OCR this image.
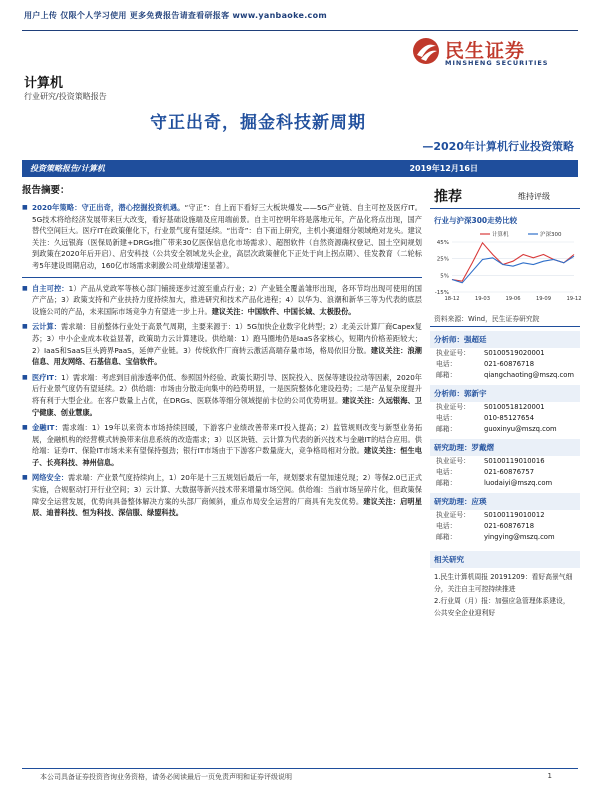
用户上传 仅限个人学习使用 更多免费报告请查看研报客 www.yanbaoke.com
民生证券
MINSHENG SECURITIES
计算机
行业研究/投资策略报告
守正出奇，掘金科技新周期
—2020年计算机行业投资策略
投资策略报告/计算机	2019年12月16日
报告摘要：
■ 2020年策略：守正出奇，潜心挖掘投资机遇。“守正”：自上而下看好三大板块爆发——5G产业链、自主可控及医疗IT。5G技术将给经济发展带来巨大改变，看好基础设施端及应用端前景。自主可控明年将是落地元年，产品化将点出现，国产替代空间巨大。医疗IT在政策催化下，行业景气度有望延续。“出奇”：自下而上研究，主机小赛道细分领域绝对龙头。建议关注：久远银海（医保局新建+DRGs推广带来30亿医保信息化市场需求）、超图软件（自然资源确权登记、国土空间规划到政策在2020年后开启）、启安科技（公共安全领域龙头企业，高层次政策催化下正处于向上拐点期）、佳发教育（二轮标考5年建设周期启动，160亿市场需求刺激公司业绩增速显著）。
■ 自主可控：1）产品从党政军等核心部门铺接逐步过渡至重点行业；2）产业链全覆盖雏形出现，各环节均出现可使用的国产产品；3）政策支持和产业扶持力度持续加大，推进研究和技术产品化进程；4）以华为、浪潮和新华三等为代表的底层设施公司的产品，未来国际市场竞争力有望进一步上升。建议关注：中国软件、中国长城、太极股份。
■ 云计算：需求端：目前整体行业处于高景气周期，主要来源于：1）5G加快企业数字化转型；2）北美云计算厂商Capex复苏；3）中小企业成本收益显著，政策助力云计算建设。供给端：1）跑马圈地仍是IaaS各家核心，短期内价格差距较大；2）IaaS和SaaS巨头跨界PaaS，延伸产业链。3）传统软件厂商转云激活高端存量市场，格局依旧分散。建议关注：浪潮信息、用友网络、石基信息、宝信软件。
■ 医疗IT：1）需求端：考虑到目前渗透率仍低、参照国外经验、政策长期引导、医院投入、医保等建设拉动等因素，2020年后行业景气度仍有望延续。2）供给端：市场由分散走向集中的趋势明显，一是医院整体化建设趋势；二是产品复杂度提升将有利于大型企业。在客户数量上占优，在DRGs、医联体等细分领域提前卡位的公司优势明显。建议关注：久远银海、卫宁健康、创业慧康。
■ 金融IT：需求端：1）19年以来资本市场持续回暖，下游客户业绩改善带来IT投入提高；2）监管规则改变与新型业务拓展，金融机构的经营模式转换带来信息系统的改造需求；3）以区块链、云计算为代表的新兴技术与金融IT的结合应用。供给端：证券IT、保险IT市场未来有望保持强劲；银行IT市场由于下游客户数量庞大，竞争格局相对分散。建议关注：恒生电子、长亮科技、神州信息。
■ 网络安全：需求端：产业景气度持续向上，1）20年是十三五规划后最后一年，规划要求有望加速兑现；2）等保2.0已正式实施，合规驱动打开行业空间；3）云计算、大数据等新兴技术带来增量市场空间。供给端：当前市场呈碎片化，但政策保障安全运营发展，优势向具备整体解决方案的头部厂商倾斜，重点布局安全运营的厂商具有先发优势。建议关注：启明星辰、迪普科技、恒为科技、深信服、绿盟科技。
推荐	维持评级
行业与沪深300走势比较
45%
25%
5%
-15%
18-12	19-03	19-06	19-09	19-12
计算机	沪深300
资料来源：Wind，民生证券研究院
分析师：强超廷
执业证号：	S0100519020001
电话：	021-60876718
邮箱：	qiangchaoting@mszq.com
分析师：郭新宇
执业证号：	S0100518120001
电话：	010-85127654
邮箱：	guoxinyu@mszq.com
研究助理：罗戴熠
执业证号：	S0100119010016
电话：	021-60876757
邮箱：	luodaiyi@mszq.com
研究助理：应瑛
执业证号：	S0100119010012
电话：	021-60876718
邮箱：	yingying@mszq.com
相关研究
1.民生计算机周报 20191209：看好高景气细分，关注自主可控持续推进
2.行业周（月）报：加强应急管理体系建设，公共安全企业迎利好
本公司具备证券投资咨询业务资格，请务必阅读最后一页免责声明和证券评级说明	1
